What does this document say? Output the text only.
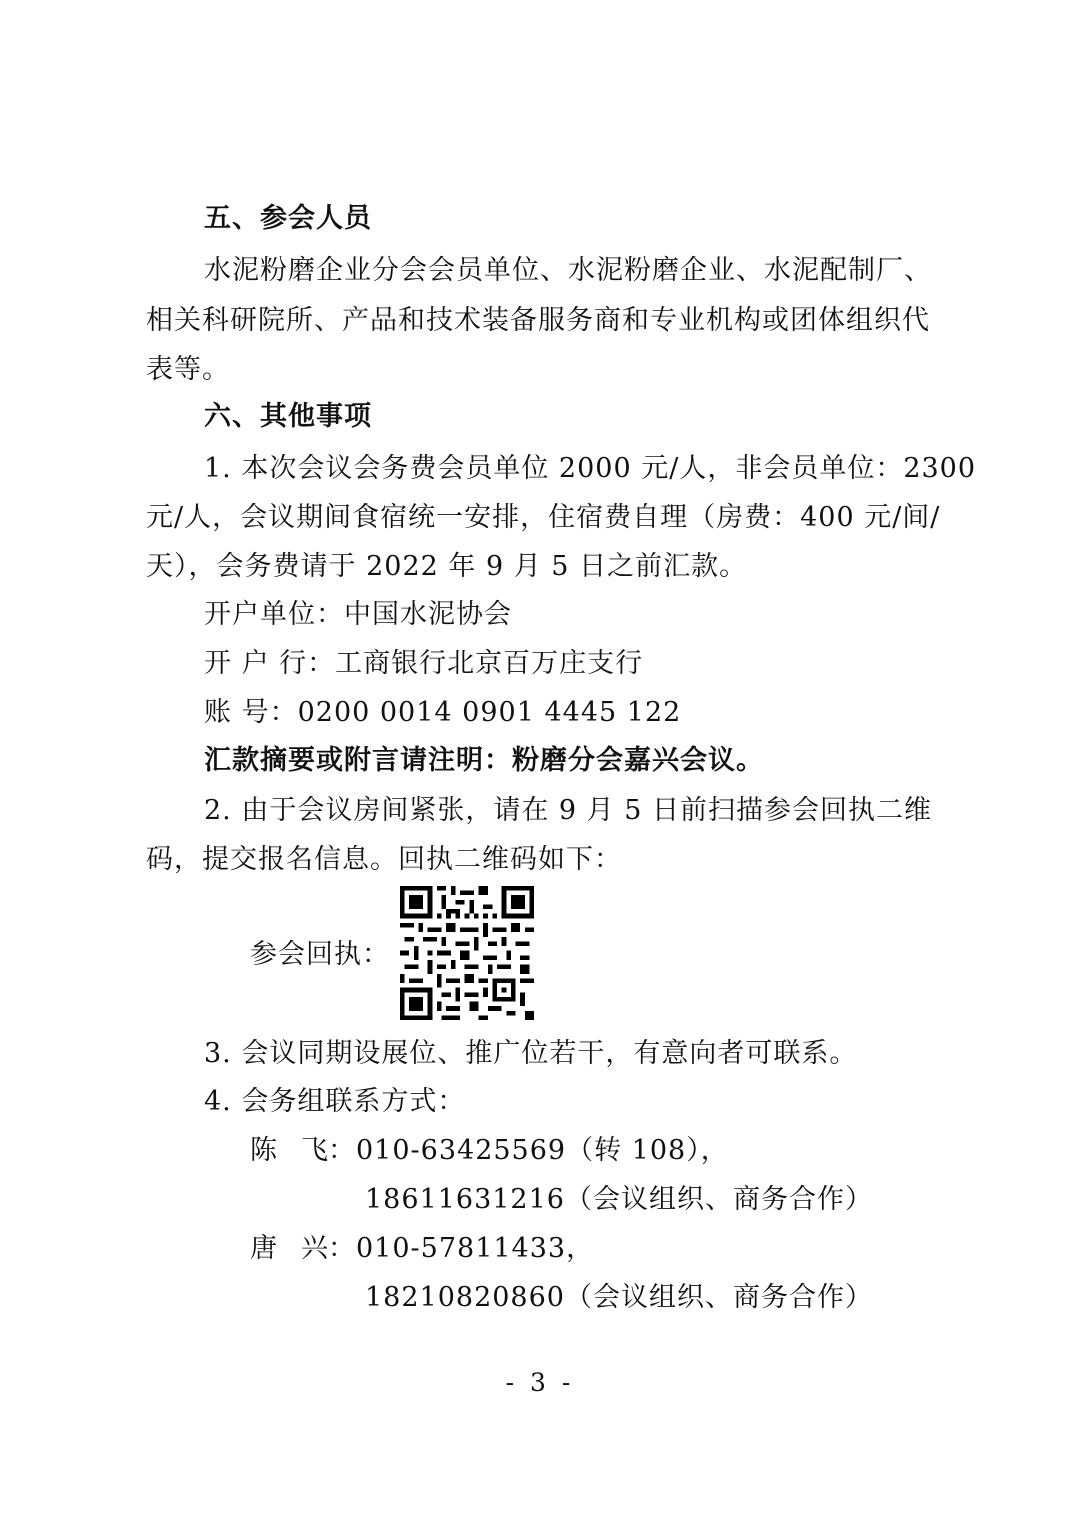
五、参会人员
水泥粉磨企业分会会员单位、水泥粉磨企业、水泥配制厂、
相关科研院所、产品和技术装备服务商和专业机构或团体组织代
表等。
六、其他事项
1. 本次会议会务费会员单位 2000 元/人，非会员单位：2300
元/人，会议期间食宿统一安排，住宿费自理（房费：400 元/间/
天），会务费请于 2022 年 9 月 5 日之前汇款。
开户单位：中国水泥协会
开 户 行：工商银行北京百万庄支行
账 号：0200 0014 0901 4445 122
汇款摘要或附言请注明：粉磨分会嘉兴会议。
2. 由于会议房间紧张，请在 9 月 5 日前扫描参会回执二维
码，提交报名信息。回执二维码如下：
参会回执：
3. 会议同期设展位、推广位若干，有意向者可联系。
4. 会务组联系方式：
陈飞：010-63425569（转 108），
18611631216（会议组织、商务合作）
唐兴：010-57811433，
18210820860（会议组织、商务合作）
- 3 -
